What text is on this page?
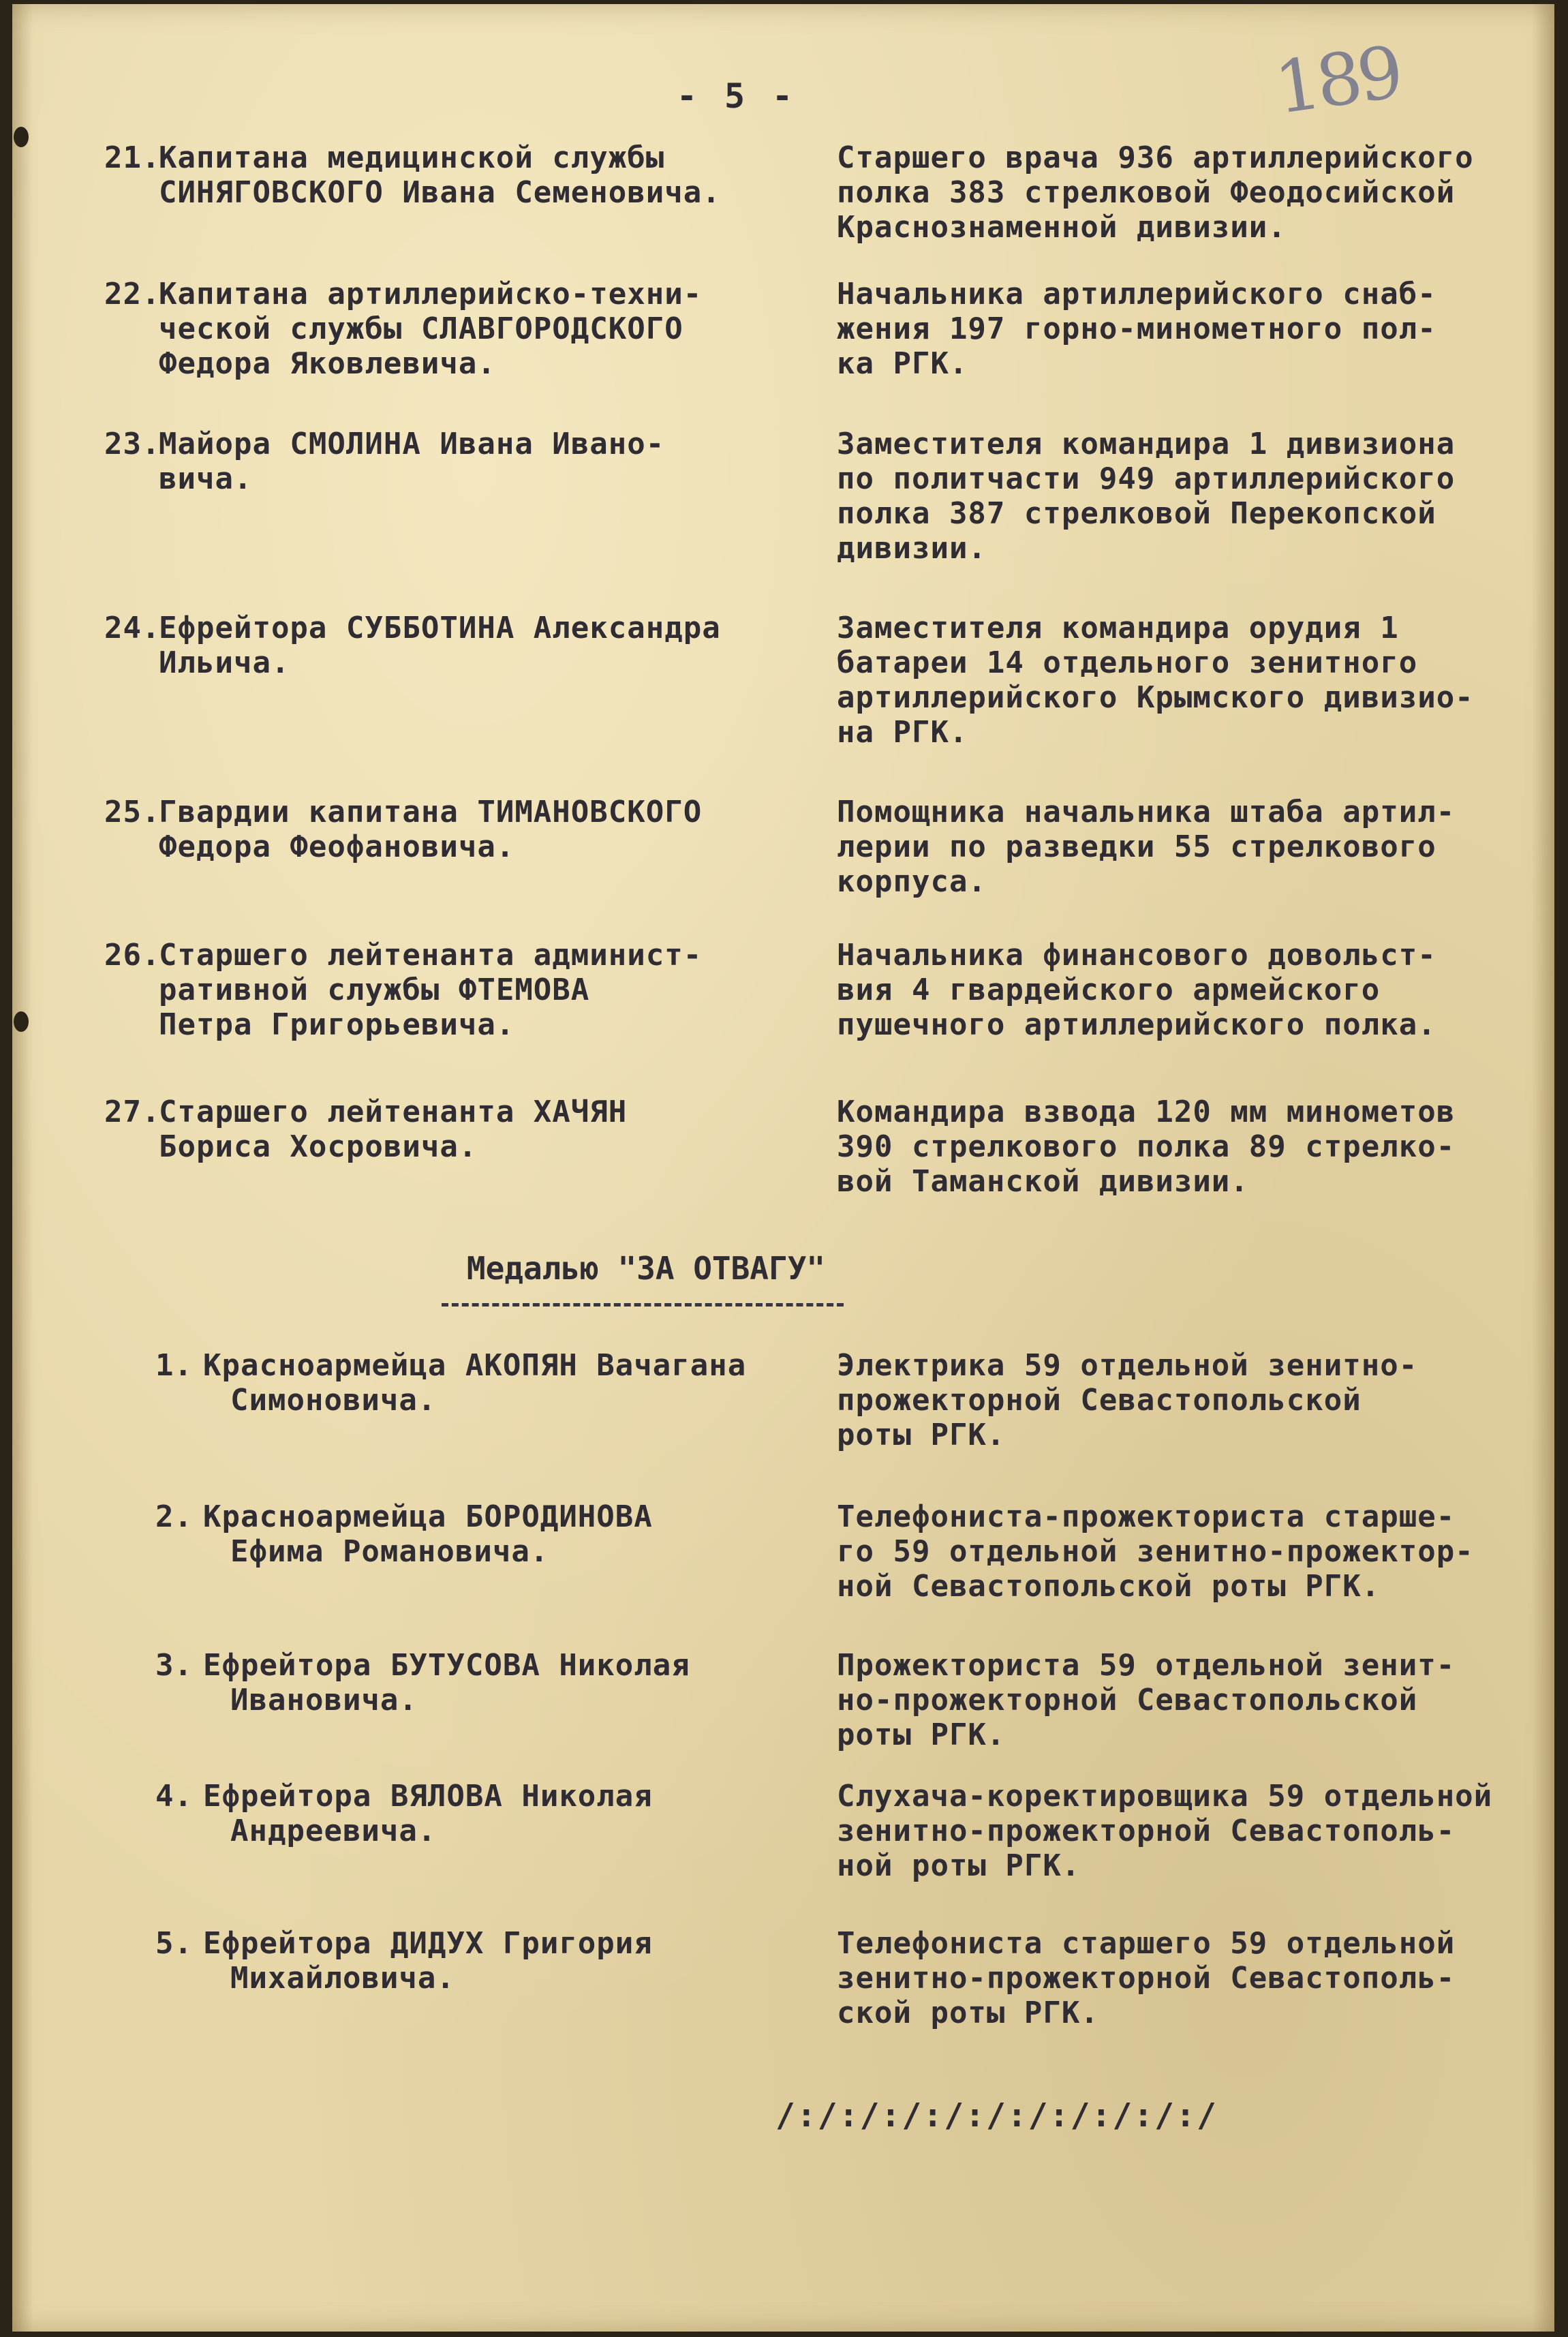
-5-	189
21.
Капитана медицинской службы
СИНЯГОВСКОГО Ивана Семеновича.
Старшего врача 936 артиллерийского
полка 383 стрелковой Феодосийской
Краснознаменной дивизии.
22.
Капитана артиллерийско-техни-
ческой службы СЛАВГОРОДСКОГО
Федора Яковлевича.
Начальника артиллерийского снаб-
жения 197 горно-минометного пол-
ка РГК.
23.
Майора СМОЛИНА Ивана Ивано-
вича.
Заместителя командира 1 дивизиона
по политчасти 949 артиллерийского
полка 387 стрелковой Перекопской
дивизии.
24.
Ефрейтора СУББОТИНА Александра
Ильича.
Заместителя командира орудия 1
батареи 14 отдельного зенитного
артиллерийского Крымского дивизио-
на РГК.
25.
Гвардии капитана ТИМАНОВСКОГО
Федора Феофановича.
Помощника начальника штаба артил-
лерии по разведки 55 стрелкового
корпуса.
26.
Старшего лейтенанта админист-
ративной службы ФТЕМОВА
Петра Григорьевича.
Начальника финансового довольст-
вия 4 гвардейского армейского
пушечного артиллерийского полка.
27.
Старшего лейтенанта ХАЧЯН
Бориса Хосровича.
Командира взвода 120 мм минометов
390 стрелкового полка 89 стрелко-
вой Таманской дивизии.
Медалью "ЗА ОТВАГУ"
1. Красноармейца АКОПЯН Вачагана
Симоновича.
Электрика 59 отдельной зенитно-
прожекторной Севастопольской
роты РГК.
2. Красноармейца БОРОДИНОВА
Ефима Романовича.
Телефониста-прожекториста старше-
го 59 отдельной зенитно-прожектор-
ной Севастопольской роты РГК.
3. Ефрейтора БУТУСОВА Николая
Ивановича.
Прожекториста 59 отдельной зенит-
но-прожекторной Севастопольской
роты РГК.
4. Ефрейтора ВЯЛОВА Николая
Андреевича.
Слухача-коректировщика 59 отдельной
зенитно-прожекторной Севастополь-
ной роты РГК.
5. Ефрейтора ДИДУХ Григория
Михайловича.
Телефониста старшего 59 отдельной
зенитно-прожекторной Севастополь-
ской роты РГК.
/:/:/:/:/:/:/:/:/:/:/
